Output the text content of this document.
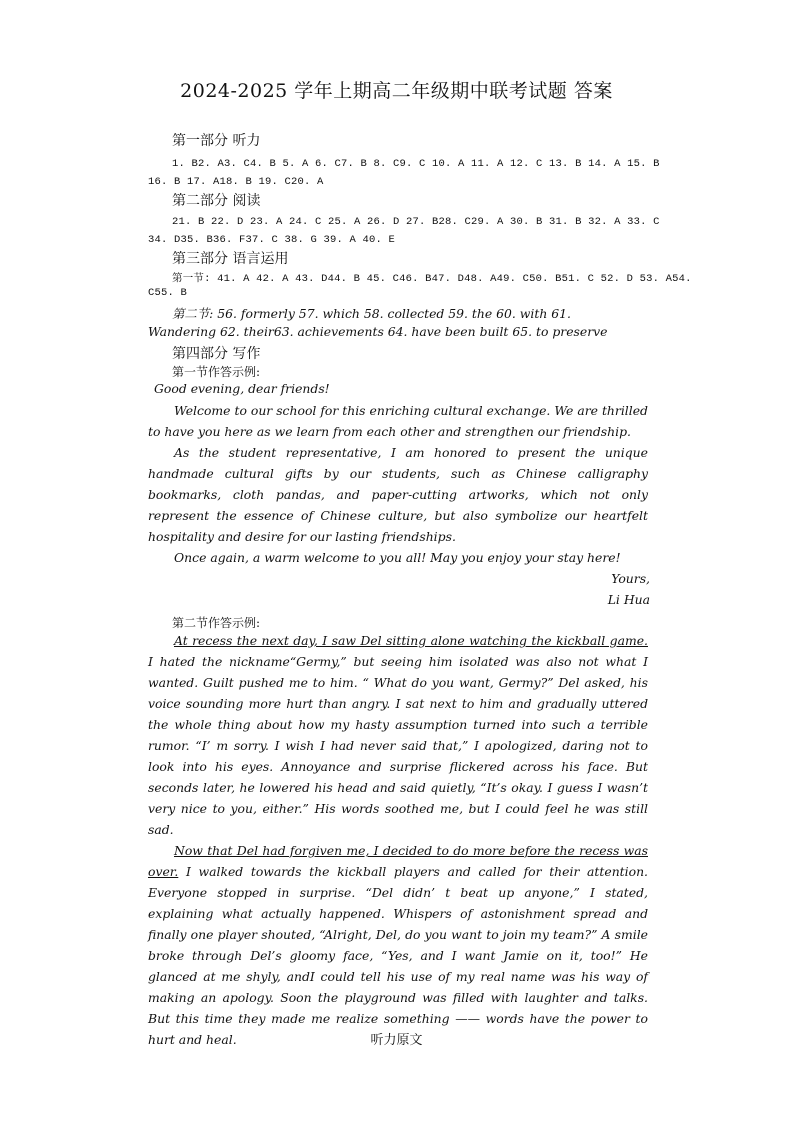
2024-2025 学年上期高二年级期中联考试题 答案
第一部分 听力
1. B2. A3. C4. B 5. A 6. C7. B 8. C9. C 10. A 11. A 12. C 13. B 14. A 15. B
16. B 17. A18. B 19. C20. A
第二部分 阅读
21. B 22. D 23. A 24. C 25. A 26. D 27. B28. C29. A 30. B 31. B 32. A 33. C
34. D35. B36. F37. C 38. G 39. A 40. E
第三部分 语言运用
第一节: 41. A 42. A 43. D44. B 45. C46. B47. D48. A49. C50. B51. C 52. D 53. A54.
C55. B
第二节: 56. formerly 57. which 58. collected 59. the 60. with 61.
Wandering 62. their63. achievements 64. have been built 65. to preserve
第四部分 写作
第一节作答示例:
Good evening, dear friends!

Welcome to our school for this enriching cultural exchange. We are thrilled to have you here as we learn from each other and strengthen our friendship.

As the student representative, I am honored to present the unique handmade cultural gifts by our students, such as Chinese calligraphy bookmarks, cloth pandas, and paper-cutting artworks, which not only represent the essence of Chinese culture, but also symbolize our heartfelt hospitality and desire for our lasting friendships.

Once again, a warm welcome to you all! May you enjoy your stay here!

Yours,
Li Hua
第二节作答示例:

At recess the next day, I saw Del sitting alone watching the kickball game. I hated the nickname“Germy,” but seeing him isolated was also not what I wanted. Guilt pushed me to him. “ What do you want, Germy?” Del asked, his voice sounding more hurt than angry. I sat next to him and gradually uttered the whole thing about how my hasty assumption turned into such a terrible rumor. “I’ m sorry. I wish I had never said that,” I apologized, daring not to look into his eyes. Annoyance and surprise flickered across his face. But seconds later, he lowered his head and said quietly, “It’s okay. I guess I wasn’t very nice to you, either.” His words soothed me, but I could feel he was still sad.

Now that Del had forgiven me, I decided to do more before the recess was over. I walked towards the kickball players and called for their attention. Everyone stopped in surprise. “Del didn’ t beat up anyone,” I stated, explaining what actually happened. Whispers of astonishment spread and finally one player shouted, “Alright, Del, do you want to join my team?” A smile broke through Del’s gloomy face, “Yes, and I want Jamie on it, too!” He glanced at me shyly, andI could tell his use of my real name was his way of making an apology. Soon the playground was filled with laughter and talks. But this time they made me realize something —— words have the power to hurt and heal.	听力原文
